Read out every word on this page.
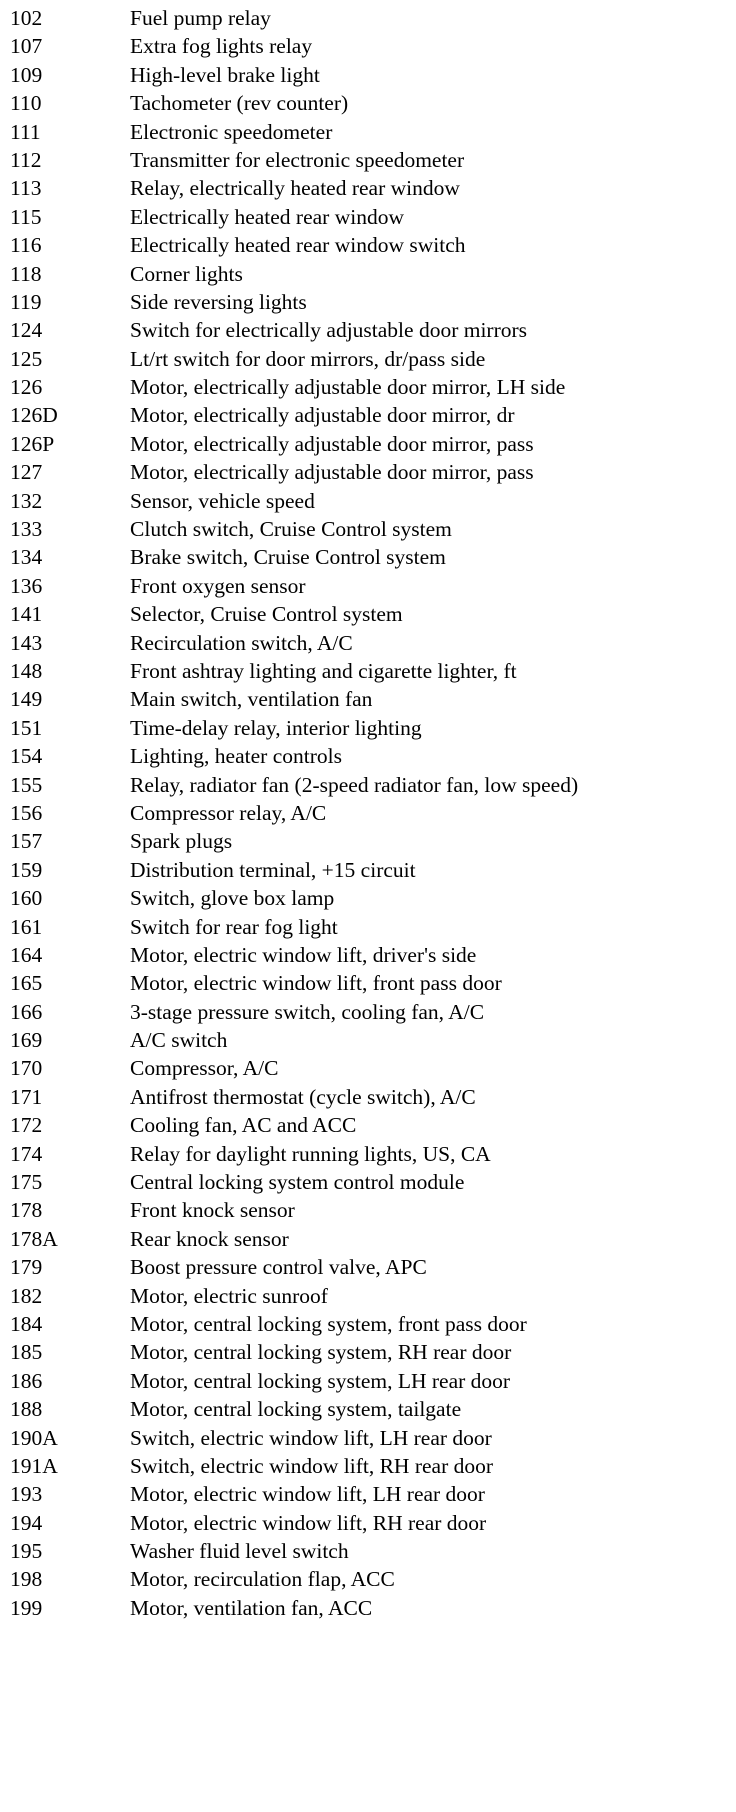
102	Fuel pump relay
107	Extra fog lights relay
109	High-level brake light
110	Tachometer (rev counter)
111	Electronic speedometer
112	Transmitter for electronic speedometer
113	Relay, electrically heated rear window
115	Electrically heated rear window
116	Electrically heated rear window switch
118	Corner lights
119	Side reversing lights
124	Switch for electrically adjustable door mirrors
125	Lt/rt switch for door mirrors, dr/pass side
126	Motor, electrically adjustable door mirror, LH side
126D	Motor, electrically adjustable door mirror, dr
126P	Motor, electrically adjustable door mirror, pass
127	Motor, electrically adjustable door mirror, pass
132	Sensor, vehicle speed
133	Clutch switch, Cruise Control system
134	Brake switch, Cruise Control system
136	Front oxygen sensor
141	Selector, Cruise Control system
143	Recirculation switch, A/C
148	Front ashtray lighting and cigarette lighter, ft
149	Main switch, ventilation fan
151	Time-delay relay, interior lighting
154	Lighting, heater controls
155	Relay, radiator fan (2-speed radiator fan, low speed)
156	Compressor relay, A/C
157	Spark plugs
159	Distribution terminal, +15 circuit
160	Switch, glove box lamp
161	Switch for rear fog light
164	Motor, electric window lift, driver's side
165	Motor, electric window lift, front pass door
166	3-stage pressure switch, cooling fan, A/C
169	A/C switch
170	Compressor, A/C
171	Antifrost thermostat (cycle switch), A/C
172	Cooling fan, AC and ACC
174	Relay for daylight running lights, US, CA
175	Central locking system control module
178	Front knock sensor
178A	Rear knock sensor
179	Boost pressure control valve, APC
182	Motor, electric sunroof
184	Motor, central locking system, front pass door
185	Motor, central locking system, RH rear door
186	Motor, central locking system, LH rear door
188	Motor, central locking system, tailgate
190A	Switch, electric window lift, LH rear door
191A	Switch, electric window lift, RH rear door
193	Motor, electric window lift, LH rear door
194	Motor, electric window lift, RH rear door
195	Washer fluid level switch
198	Motor, recirculation flap, ACC
199	Motor, ventilation fan, ACC
